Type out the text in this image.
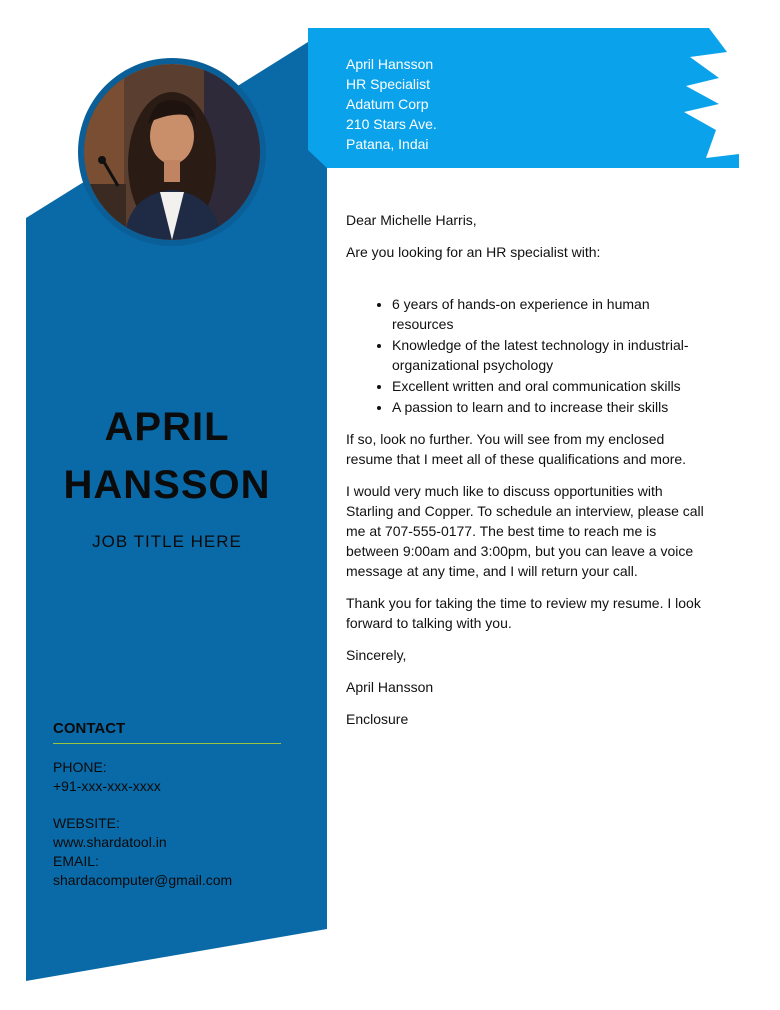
April Hansson
HR Specialist
Adatum Corp
210 Stars Ave.
Patana, Indai
APRIL
HANSSON
JOB TITLE HERE
CONTACT
PHONE:
+91-xxx-xxx-xxxx
WEBSITE:
www.shardatool.in
EMAIL:
shardacomputer@gmail.com

Dear Michelle Harris,

Are you looking for an HR specialist with:

• 6 years of hands-on experience in human resources
• Knowledge of the latest technology in industrial-organizational psychology
• Excellent written and oral communication skills
• A passion to learn and to increase their skills

If so, look no further. You will see from my enclosed resume that I meet all of these qualifications and more.

I would very much like to discuss opportunities with Starling and Copper. To schedule an interview, please call me at 707-555-0177. The best time to reach me is between 9:00am and 3:00pm, but you can leave a voice message at any time, and I will return your call.

Thank you for taking the time to review my resume. I look forward to talking with you.

Sincerely,

April Hansson

Enclosure
